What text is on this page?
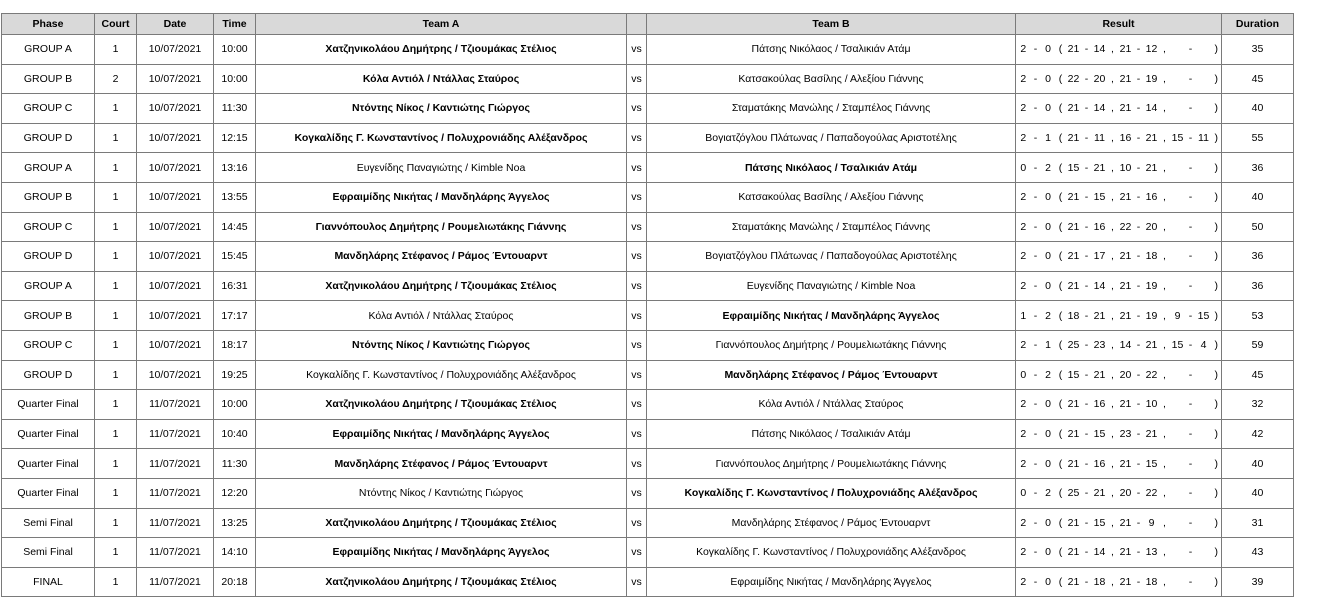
Phase	Court	Date	Time	Team A		Team B	Result																Duration
GROUP A	1	10/07/2021	10:00	Χατζηνικολάου Δημήτρης / Τζιουμάκας Στέλιος	vs	Πάτσης Νικόλαος / Τσαλικιάν Ατάμ	2	-	0	(	21	-	14	,	21	-	12	,		-		)	35
GROUP B	2	10/07/2021	10:00	Κόλα Αντιόλ / Ντάλλας Σταύρος	vs	Κατσακούλας Βασίλης / Αλεξίου Γιάννης	2	-	0	(	22	-	20	,	21	-	19	,		-		)	45
GROUP C	1	10/07/2021	11:30	Ντόντης Νίκος / Καντιώτης Γιώργος	vs	Σταματάκης Μανώλης / Σταμπέλος Γιάννης	2	-	0	(	21	-	14	,	21	-	14	,		-		)	40
GROUP D	1	10/07/2021	12:15	Κογκαλίδης Γ. Κωνσταντίνος / Πολυχρονιάδης Αλέξανδρος	vs	Βογιατζόγλου Πλάτωνας / Παπαδογούλας Αριστοτέλης	2	-	1	(	21	-	11	,	16	-	21	,	15	-	11	)	55
GROUP A	1	10/07/2021	13:16	Ευγενίδης Παναγιώτης / Kimble Noa	vs	Πάτσης Νικόλαος / Τσαλικιάν Ατάμ	0	-	2	(	15	-	21	,	10	-	21	,		-		)	36
GROUP B	1	10/07/2021	13:55	Εφραιμίδης Νικήτας / Μανδηλάρης Άγγελος	vs	Κατσακούλας Βασίλης / Αλεξίου Γιάννης	2	-	0	(	21	-	15	,	21	-	16	,		-		)	40
GROUP C	1	10/07/2021	14:45	Γιαννόπουλος Δημήτρης / Ρουμελιωτάκης Γιάννης	vs	Σταματάκης Μανώλης / Σταμπέλος Γιάννης	2	-	0	(	21	-	16	,	22	-	20	,		-		)	50
GROUP D	1	10/07/2021	15:45	Μανδηλάρης Στέφανος / Ράμος Έντουαρντ	vs	Βογιατζόγλου Πλάτωνας / Παπαδογούλας Αριστοτέλης	2	-	0	(	21	-	17	,	21	-	18	,		-		)	36
GROUP A	1	10/07/2021	16:31	Χατζηνικολάου Δημήτρης / Τζιουμάκας Στέλιος	vs	Ευγενίδης Παναγιώτης / Kimble Noa	2	-	0	(	21	-	14	,	21	-	19	,		-		)	36
GROUP B	1	10/07/2021	17:17	Κόλα Αντιόλ / Ντάλλας Σταύρος	vs	Εφραιμίδης Νικήτας / Μανδηλάρης Άγγελος	1	-	2	(	18	-	21	,	21	-	19	,	9	-	15	)	53
GROUP C	1	10/07/2021	18:17	Ντόντης Νίκος / Καντιώτης Γιώργος	vs	Γιαννόπουλος Δημήτρης / Ρουμελιωτάκης Γιάννης	2	-	1	(	25	-	23	,	14	-	21	,	15	-	4	)	59
GROUP D	1	10/07/2021	19:25	Κογκαλίδης Γ. Κωνσταντίνος / Πολυχρονιάδης Αλέξανδρος	vs	Μανδηλάρης Στέφανος / Ράμος Έντουαρντ	0	-	2	(	15	-	21	,	20	-	22	,		-		)	45
Quarter Final	1	11/07/2021	10:00	Χατζηνικολάου Δημήτρης / Τζιουμάκας Στέλιος	vs	Κόλα Αντιόλ / Ντάλλας Σταύρος	2	-	0	(	21	-	16	,	21	-	10	,		-		)	32
Quarter Final	1	11/07/2021	10:40	Εφραιμίδης Νικήτας / Μανδηλάρης Άγγελος	vs	Πάτσης Νικόλαος / Τσαλικιάν Ατάμ	2	-	0	(	21	-	15	,	23	-	21	,		-		)	42
Quarter Final	1	11/07/2021	11:30	Μανδηλάρης Στέφανος / Ράμος Έντουαρντ	vs	Γιαννόπουλος Δημήτρης / Ρουμελιωτάκης Γιάννης	2	-	0	(	21	-	16	,	21	-	15	,		-		)	40
Quarter Final	1	11/07/2021	12:20	Ντόντης Νίκος / Καντιώτης Γιώργος	vs	Κογκαλίδης Γ. Κωνσταντίνος / Πολυχρονιάδης Αλέξανδρος	0	-	2	(	25	-	21	,	20	-	22	,		-		)	40
Semi Final	1	11/07/2021	13:25	Χατζηνικολάου Δημήτρης / Τζιουμάκας Στέλιος	vs	Μανδηλάρης Στέφανος / Ράμος Έντουαρντ	2	-	0	(	21	-	15	,	21	-	9	,		-		)	31
Semi Final	1	11/07/2021	14:10	Εφραιμίδης Νικήτας / Μανδηλάρης Άγγελος	vs	Κογκαλίδης Γ. Κωνσταντίνος / Πολυχρονιάδης Αλέξανδρος	2	-	0	(	21	-	14	,	21	-	13	,		-		)	43
FINAL	1	11/07/2021	20:18	Χατζηνικολάου Δημήτρης / Τζιουμάκας Στέλιος	vs	Εφραιμίδης Νικήτας / Μανδηλάρης Άγγελος	2	-	0	(	21	-	18	,	21	-	18	,		-		)	39
